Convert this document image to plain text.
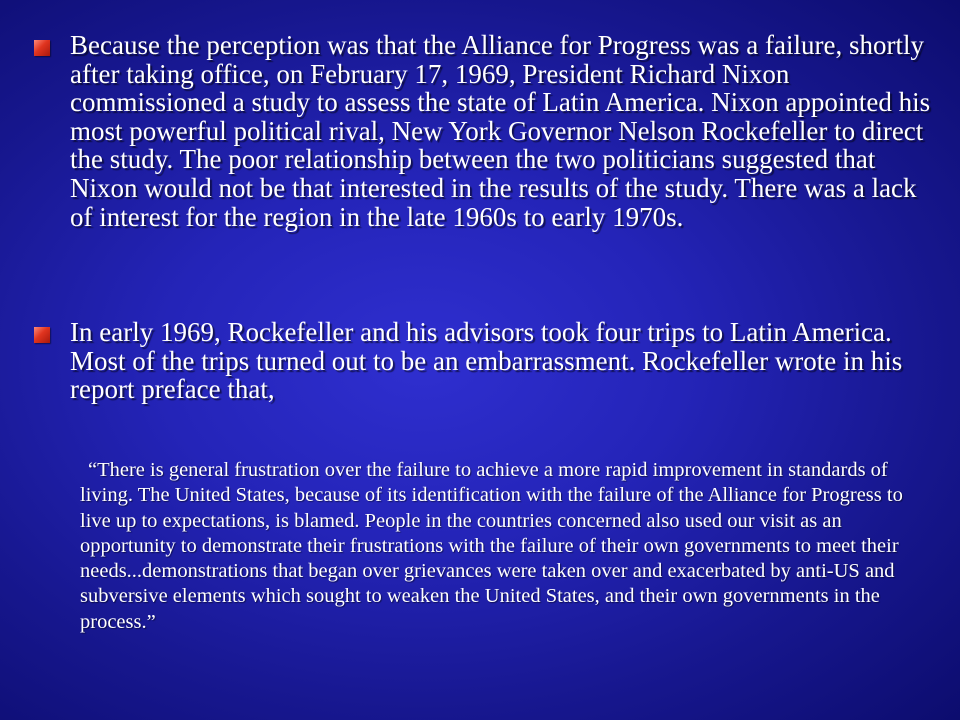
Because the perception was that the Alliance for Progress was a failure, shortly after taking office, on February 17, 1969, President Richard Nixon commissioned a study to assess the state of Latin America. Nixon appointed his most powerful political rival, New York Governor Nelson Rockefeller to direct the study. The poor relationship between the two politicians suggested that Nixon would not be that interested in the results of the study. There was a lack of interest for the region in the late 1960s to early 1970s.
In early 1969, Rockefeller and his advisors took four trips to Latin America. Most of the trips turned out to be an embarrassment. Rockefeller wrote in his report preface that,
“There is general frustration over the failure to achieve a more rapid improvement in standards of living. The United States, because of its identification with the failure of the Alliance for Progress to live up to expectations, is blamed. People in the countries concerned also used our visit as an opportunity to demonstrate their frustrations with the failure of their own governments to meet their needs...demonstrations that began over grievances were taken over and exacerbated by anti-US and subversive elements which sought to weaken the United States, and their own governments in the process.”
